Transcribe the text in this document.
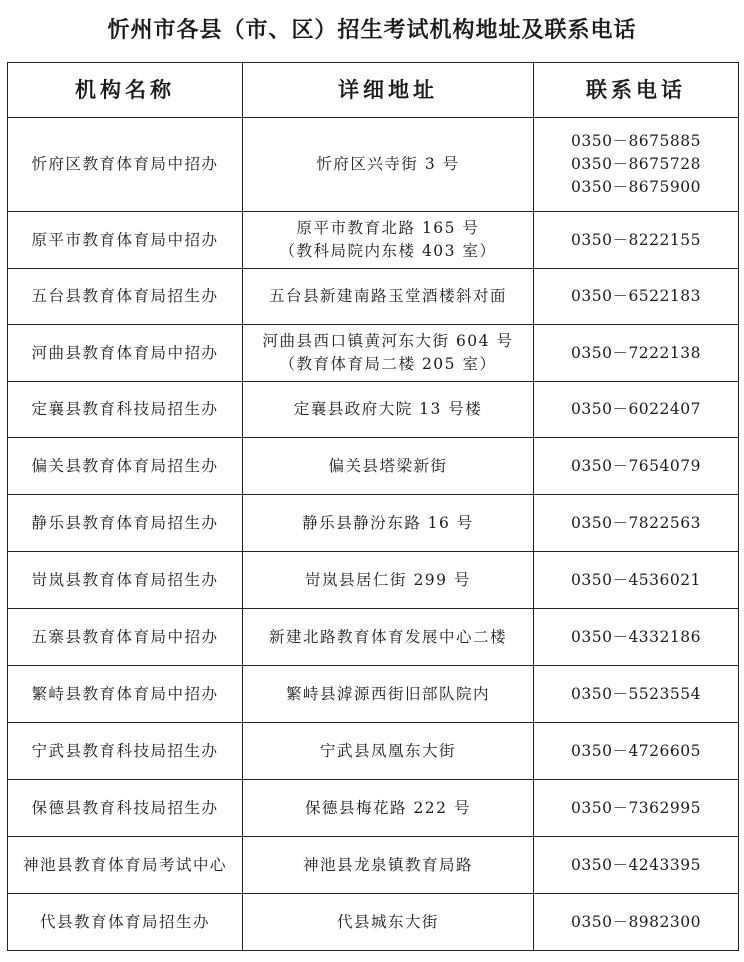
忻州市各县（市、区）招生考试机构地址及联系电话
机构名称	详细地址	联系电话
忻府区教育体育局中招办	忻府区兴寺街 3 号	0350－8675885
0350－8675728
0350－8675900

原平市教育体育局中招办	原平市教育北路 165 号
（教科局院内东楼 403 室）	0350－8222155

五台县教育体育局招生办	五台县新建南路玉堂酒楼斜对面	0350－6522183

河曲县教育体育局中招办	河曲县西口镇黄河东大街 604 号
（教育体育局二楼 205 室）	0350－7222138

定襄县教育科技局招生办	定襄县政府大院 13 号楼	0350－6022407

偏关县教育体育局招生办	偏关县塔梁新街	0350－7654079

静乐县教育体育局招生办	静乐县静汾东路 16 号	0350－7822563

岢岚县教育体育局招生办	岢岚县居仁街 299 号	0350－4536021

五寨县教育体育局中招办	新建北路教育体育发展中心二楼	0350－4332186

繁峙县教育体育局中招办	繁峙县滹源西街旧部队院内	0350－5523554

宁武县教育科技局招生办	宁武县凤凰东大街	0350－4726605

保德县教育科技局招生办	保德县梅花路 222 号	0350－7362995

神池县教育体育局考试中心	神池县龙泉镇教育局路	0350－4243395

代县教育体育局招生办	代县城东大街	0350－8982300
